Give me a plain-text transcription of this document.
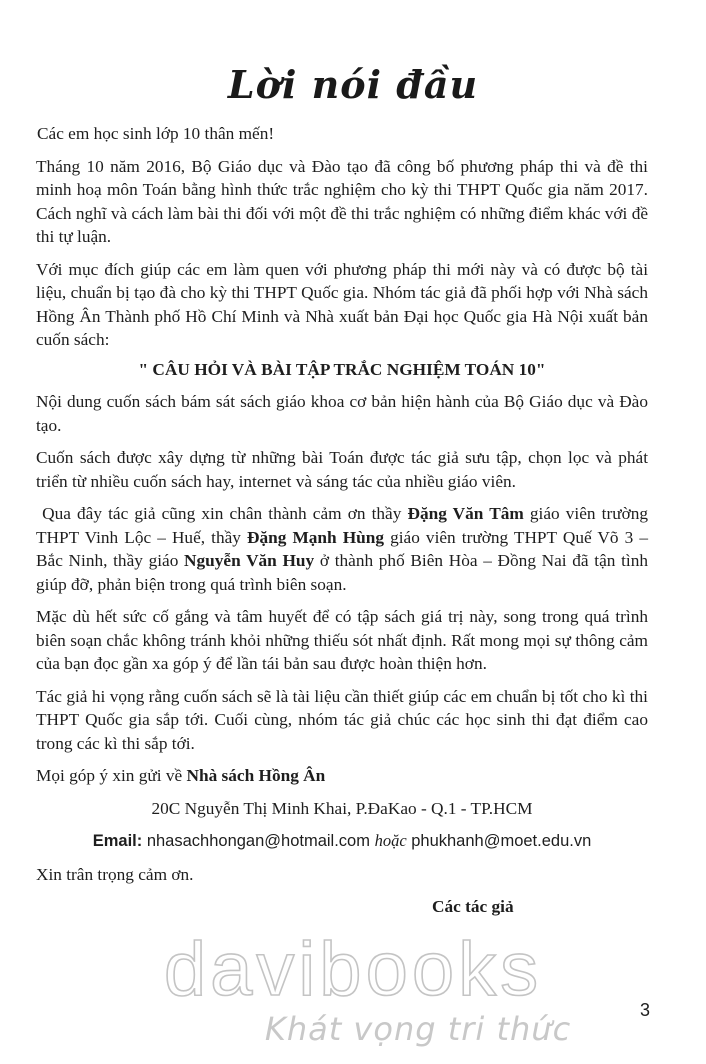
Lời nói đầu

Các em học sinh lớp 10 thân mến!

Tháng 10 năm 2016, Bộ Giáo dục và Đào tạo đã công bố phương pháp thi và đề thi minh hoạ môn Toán bằng hình thức trắc nghiệm cho kỳ thi THPT Quốc gia năm 2017. Cách nghĩ và cách làm bài thi đối với một đề thi trắc nghiệm có những điểm khác với đề thi tự luận.

Với mục đích giúp các em làm quen với phương pháp thi mới này và có được bộ tài liệu, chuẩn bị tạo đà cho kỳ thi THPT Quốc gia. Nhóm tác giả đã phối hợp với Nhà sách Hồng Ân Thành phố Hồ Chí Minh và Nhà xuất bản Đại học Quốc gia Hà Nội xuất bản cuốn sách:

" CÂU HỎI VÀ BÀI TẬP TRẮC NGHIỆM TOÁN 10"

Nội dung cuốn sách bám sát sách giáo khoa cơ bản hiện hành của Bộ Giáo dục và Đào tạo.

Cuốn sách được xây dựng từ những bài Toán được tác giả sưu tập, chọn lọc và phát triển từ nhiều cuốn sách hay, internet và sáng tác của nhiều giáo viên.

Qua đây tác giả cũng xin chân thành cảm ơn thầy Đặng Văn Tâm giáo viên trường THPT Vinh Lộc – Huế, thầy Đặng Mạnh Hùng giáo viên trường THPT Quế Võ 3 – Bắc Ninh, thầy giáo Nguyễn Văn Huy ở thành phố Biên Hòa – Đồng Nai đã tận tình giúp đỡ, phản biện trong quá trình biên soạn.

Mặc dù hết sức cố gắng và tâm huyết để có tập sách giá trị này, song trong quá trình biên soạn chắc không tránh khỏi những thiếu sót nhất định. Rất mong mọi sự thông cảm của bạn đọc gần xa góp ý để lần tái bản sau được hoàn thiện hơn.

Tác giả hi vọng rằng cuốn sách sẽ là tài liệu cần thiết giúp các em chuẩn bị tốt cho kì thi THPT Quốc gia sắp tới. Cuối cùng, nhóm tác giả chúc các học sinh thi đạt điểm cao trong các kì thi sắp tới.

Mọi góp ý xin gửi về Nhà sách Hồng Ân

20C Nguyễn Thị Minh Khai, P.ĐaKao - Q.1 - TP.HCM

Email: nhasachhongan@hotmail.com hoặc phukhanh@moet.edu.vn

Xin trân trọng cảm ơn.

Các tác giả

davibooks
Khát vọng tri thức	3
